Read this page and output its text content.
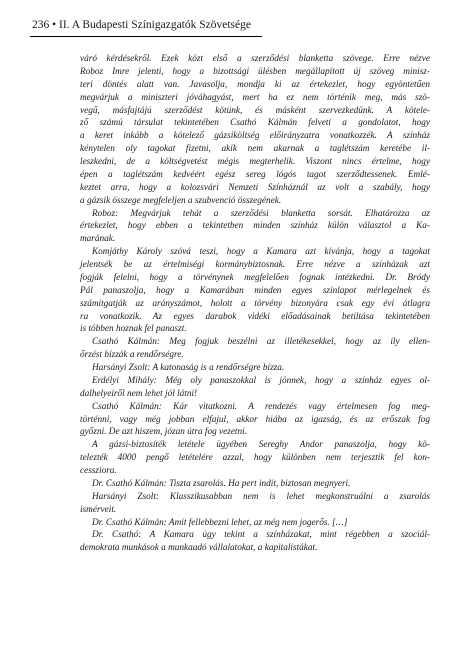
236 • II. A Budapesti Színigazgatók Szövetsége
váró kérdésekről. Ezek közt első a szerződési blanketta szövege. Erre nézve
Roboz Imre jelenti, hogy a bizottsági ülésben megállapított új szöveg minisz-
teri döntés alatt van. Javasolja, mondja ki az értekezlet, hogy egyöntetűen
megvárjuk a miniszteri jóváhagyást, mert ha ez nem történik meg, más szö-
vegű, másfajtájú szerződést kötünk, és másként szervezkedünk. A kötele-
ző számú társulat tekintetében Csathó Kálmán felveti a gondolatot, hogy
a keret inkább a kötelező gázsiköltség előirányzatra vonatkozzék. A színház
kénytelen oly tagokat fizetni, akik nem akarnak a taglétszám keretébe il-
leszkedni, de a költségvetést mégis megterhelik. Viszont nincs értelme, hogy
épen a taglétszám kedvéért egész sereg lógós tagot szerződtessenek. Emlé-
keztet arra, hogy a kolozsvári Nemzeti Színháznál az volt a szabály, hogy
a gázsik összege megfeleljen a szubvenció összegének.
Roboz: Megvárjuk tehát a szerződési blanketta sorsát. Elhatározza az
értekezlet, hogy ebben a tekintetben minden színház külön választol a Ka-
marának.
Komjáthy Károly szóvá teszi, hogy a Kamara azt kívánja, hogy a tagokat
jelentsék be az értelmiségi kormánybiztosnak. Erre nézve a színházak azt
fogják felelni, hogy a törvénynek megfelelően fognak intézkedni. Dr. Bródy
Pál panaszolja, hogy a Kamarában minden egyes színlapot mérlegelnek és
számítgatják az arányszámot, holott a törvény bizonyára csak egy évi átlagra
ra vonatkozik. Az egyes darabok vidéki előadásainak betiltása tekintetében
is többen hoznak fel panaszt.
Csathó Kálmán: Meg fogjuk beszélni az illetékesekkel, hogy az ily ellen-
őrzést bízzák a rendőrségre.
Harsányi Zsolt: A katonaság is a rendőrségre bízza.
Erdélyi Mihály: Még oly panaszokkal is jönnek, hogy a színház egyes ol-
dalhelyeiről nem lehet jól látni!
Csathó Kálmán: Kár vitatkozni. A rendezés vagy értelmesen fog meg-
történni, vagy még jobban elfajul, akkor hiába az igazság, és az erőszak fog
győzni. De azt hiszem, józan útra fog vezetni.
A gázsi-biztosíték letétele ügyében Sereghy Andor panaszolja, hogy kö-
telezték 4000 pengő letételére azzal, hogy különben nem terjesztik fel kon-
cessziora.
Dr. Csathó Kálmán: Tiszta zsarolás. Ha pert indít, biztosan megnyeri.
Harsányi Zsolt: Klasszikusabban nem is lehet megkonstruálni a zsarolás
ismérveit.
Dr. Csathó Kálmán: Amit fellebbezni lehet, az még nem jogerős. […]
Dr. Csathó: A Kamara úgy tekint a színházakat, mint régebben a szociál-
demokrata munkások a munkaadó vállalatokat, a kapitalistákat.
